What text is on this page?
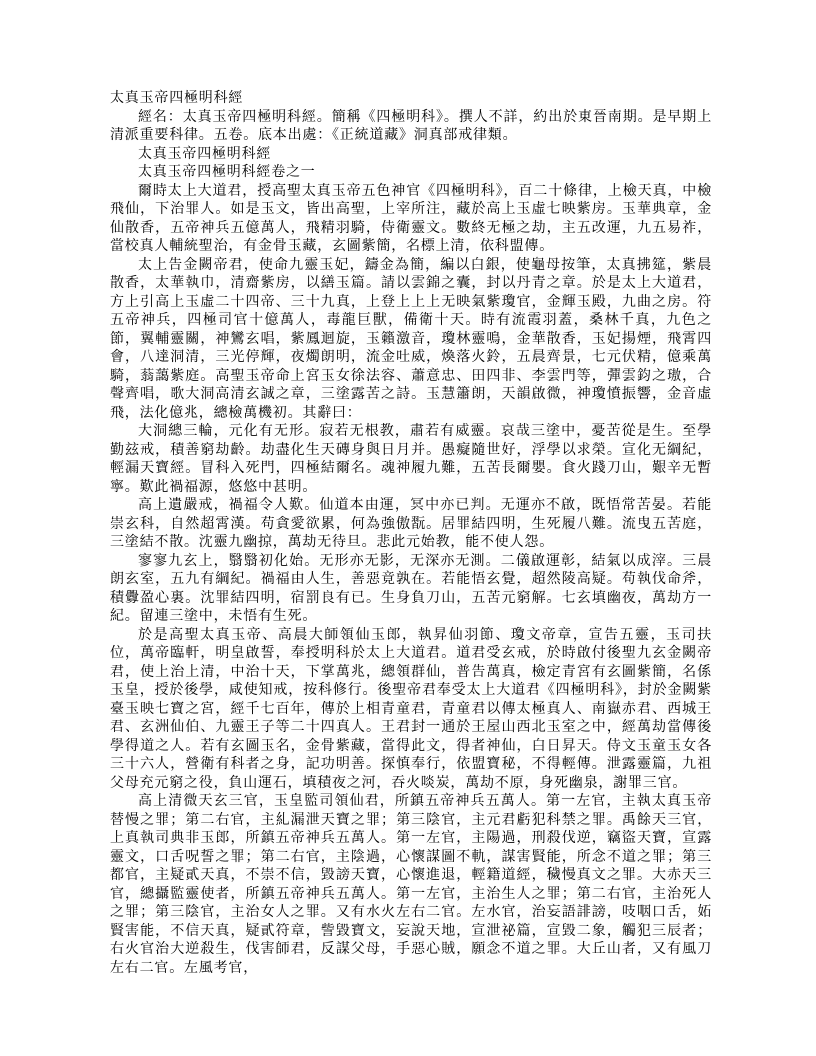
太真玉帝四極明科經

經名：太真玉帝四極明科經。簡稱《四極明科》。撰人不詳，約出於東晉南期。是早期上清派重要科律。五卷。底本出處：《正統道藏》洞真部戒律類。

太真玉帝四極明科經

太真玉帝四極明科經卷之一

爾時太上大道君，授高聖太真玉帝五色神官《四極明科》，百二十條律，上檢天真，中檢飛仙，下治罪人。如是玉文，皆出高聖，上宰所注，藏於高上玉虛七映紫房。玉華典章，金仙散香，五帝神兵五億萬人，飛精羽騎，侍衛靈文。數終无極之劫，主五改運，九五易祚，當校真人輔統聖治，有金骨玉藏，玄圖紫簡，名標上清，依科盟傳。

太上告金闕帝君，使命九靈玉妃，鑄金為簡，編以白銀，使龜母按筆，太真拂筵，紫晨散香，太華執巾，清齋紫房，以繕玉篇。請以雲錦之囊，封以丹青之章。於是太上大道君，方上引高上玉虛二十四帝、三十九真，上登上上上无映氣紫瓊官，金輝玉殿，九曲之房。符五帝神兵，四極司官十億萬人，毒龍巨獸，備衛十天。時有流霞羽蓋，桑林千真，九色之節，翼輔靈關，神鸞玄唱，紫鳳迴旋，玉籟激音，瓊林靈鳴，金華散香，玉妃揚煙，飛霄四會，八達洞清，三光停輝，夜燭朗明，流金吐威，煥落火鈴，五晨齊景，七元伏精，億乘萬騎，蓊藹紫庭。高聖玉帝命上宮玉女徐法容、蕭意忠、田四非、李雲門等，彈雲鈞之璈，合聲齊唱，歌大洞高清玄誠之章，三塗露苦之詩。玉慧簫朗，天韻啟微，神瓊憤振響，金音虛飛，法化億兆，總檢萬機初。其辭曰：

大洞總三輪，元化有无形。寂若无根教，肅若有威靈。哀哉三塗中，憂苦從是生。至學勤玆戒，積善窮劫齡。劫盡化生天磚身與日月并。愚癡隨世好，浮學以求榮。宣化无綱紀，輕漏天寶經。冒科入死門，四極結爾名。魂神履九難，五苦長爾嬰。食火踐刀山，艱辛无暫寧。歎此禍福源，悠悠中甚明。

高上遺嚴戒，禍福令人歎。仙道本由運，冥中亦已判。无運亦不啟，既悟常苦晏。若能崇玄科，自然超霄漢。苟貪愛欲累，何為強傲翫。居罪結四明，生死履八難。流曳五苦庭，三塗結不散。沈靈九幽掠，萬劫无待旦。悲此元始教，能不使人怨。

寥寥九玄上，翳翳初化始。无形亦无影，无深亦无測。二儀啟運彰，結氣以成滓。三晨朗玄室，五九有綱紀。禍福由人生，善惡竟孰在。若能悟玄覺，超然陵高疑。苟執伐命斧，積釁盈心裏。沈罪結四明，宿罰良有已。生身負刀山，五苦元窮解。七玄填幽夜，萬劫方一紀。留連三塗中，未悟有生死。

於是高聖太真玉帝、高晨大師領仙玉郎，執昇仙羽節、瓊文帝章，宣告五靈，玉司扶位，萬帝臨軒，明皇啟誓，奉授明科於太上大道君。道君受玄戒，於時啟付後聖九玄金闕帝君，使上治上清，中治十天，下掌萬兆，總領群仙，普告萬真，檢定青宮有玄圖紫簡，名係玉皇，授於後學，咸使知戒，按科修行。後聖帝君奉受太上大道君《四極明科》，封於金闕紫臺玉映七寶之宮，經千七百年，傳於上相青童君，青童君以傳太極真人、南嶽赤君、西城王君、玄洲仙伯、九靈王子等二十四真人。王君封一通於王屋山西北玉室之中，經萬劫當傳後學得道之人。若有玄圖玉名，金骨紫藏，當得此文，得者神仙，白日昇天。侍文玉童玉女各三十六人，營衛有科者之身，記功明善。探慎奉行，依盟寶秘，不得輕傳。泄露靈篇，九祖父母充元窮之役，負山運石，填積夜之河，吞火啖炭，萬劫不原，身死幽泉，謝罪三官。

高上清微天玄三官，玉皇監司領仙君，所鎮五帝神兵五萬人。第一左官，主執太真玉帝替慢之罪；第二右官，主糺漏泄天寶之罪；第三陰官，主元君虧犯科禁之罪。禹餘天三官，上真執司典非玉郎，所鎮五帝神兵五萬人。第一左官，主陽過，刑殺伐逆，竊盜天寶，宣露靈文，口舌呪誓之罪；第二右官，主陰過，心懷謀圖不軌，謀害賢能，所念不道之罪；第三都官，主疑貳天真，不崇不信，毀謗天寶，心懷進退，輕籍道經，穢慢真文之罪。大赤天三官，總攝監靈使者，所鎮五帝神兵五萬人。第一左官，主治生人之罪；第二右官，主治死人之罪；第三陰官，主治女人之罪。又有水火左右二官。左水官，治妄語誹謗，吱咽口舌，妬賢害能，不信天真，疑貳符章，訾毀寶文，妄說天地，宣泄祕篇，宣毀二象，觸犯三辰者；右火官治大逆殺生，伐害師君，反謀父母，手惡心賊，願念不道之罪。大丘山者，又有風刀左右二官。左風考官，
